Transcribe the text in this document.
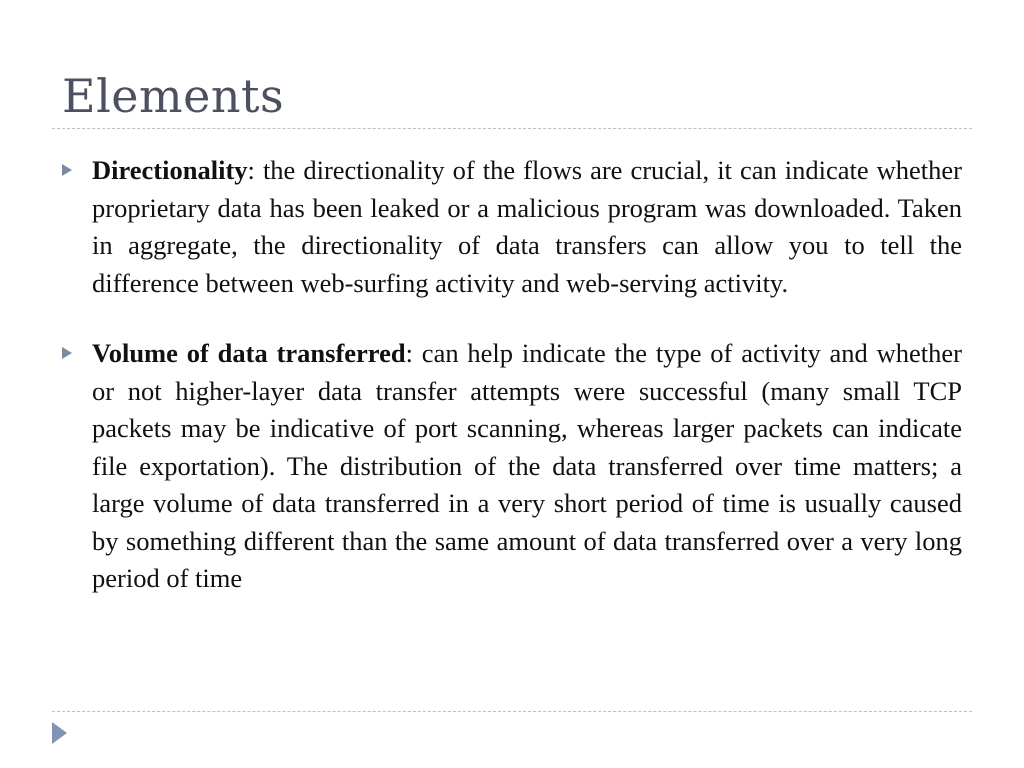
Elements
Directionality: the directionality of the flows are crucial, it can indicate whether proprietary data has been leaked or a malicious program was downloaded. Taken in aggregate, the directionality of data transfers can allow you to tell the difference between web-surfing activity and web-serving activity.
Volume of data transferred: can help indicate the type of activity and whether or not higher-layer data transfer attempts were successful (many small TCP packets may be indicative of port scanning, whereas larger packets can indicate file exportation). The distribution of the data transferred over time matters; a large volume of data transferred in a very short period of time is usually caused by something different than the same amount of data transferred over a very long period of time
